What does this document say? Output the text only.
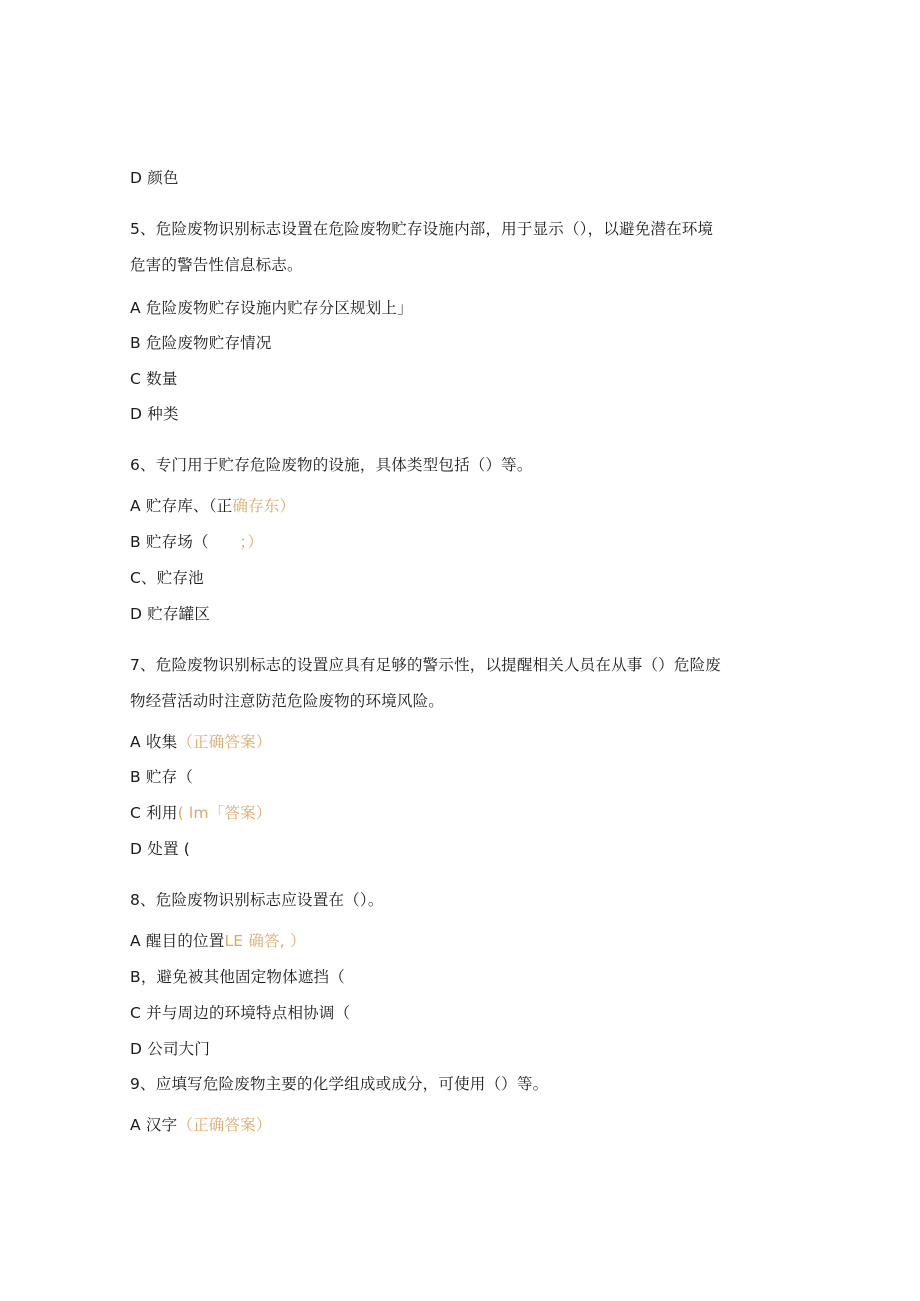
D 颜色
5、危险废物识别标志设置在危险废物贮存设施内部，用于显示（），以避免潜在环境
危害的警告性信息标志。
A 危险废物贮存设施内贮存分区规划上」
B 危险废物贮存情况
C 数量
D 种类
6、专门用于贮存危险废物的设施，具体类型包括（）等。
A 贮存库、（正确存东）
B 贮存场（      ；）
C、贮存池
D 贮存罐区
7、危险废物识别标志的设置应具有足够的警示性，以提醒相关人员在从事（）危险废
物经营活动时注意防范危险废物的环境风险。
A 收集（正确答案）
B 贮存（
C 利用( lm「答案）
D 处置 (
8、危险废物识别标志应设置在（）。
A 醒目的位置LE 确答, ）
B，避免被其他固定物体遮挡（
C 并与周边的环境特点相协调（
D 公司大门
9、应填写危险废物主要的化学组成或成分，可使用（）等。
A 汉字（正确答案）
